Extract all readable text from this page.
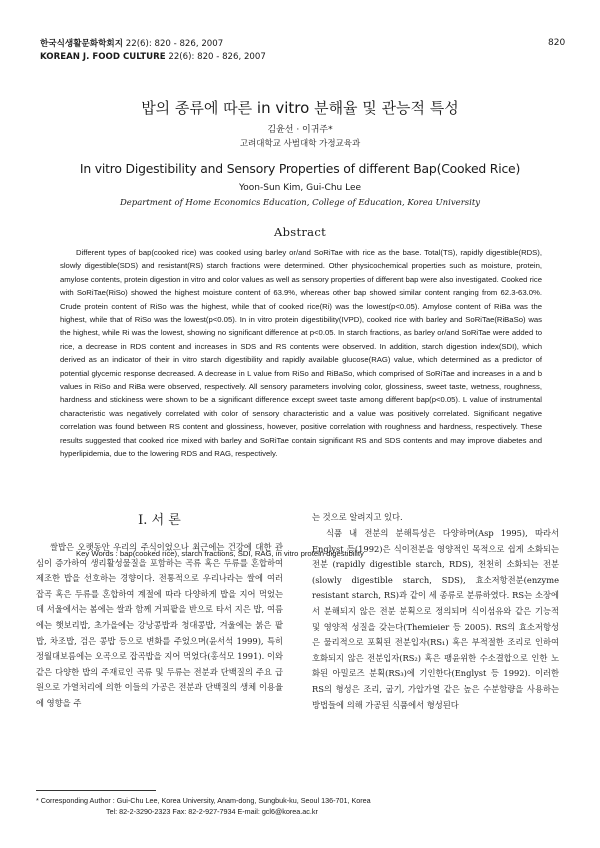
한국식생활문화학회지 22(6): 820 - 826, 2007
KOREAN J. FOOD CULTURE 22(6): 820 - 826, 2007
820
밥의 종류에 따른 in vitro 분해율 및 관능적 특성
김윤선 · 이귀주*
고려대학교 사범대학 가정교육과
In vitro Digestibility and Sensory Properties of different Bap(Cooked Rice)
Yoon-Sun Kim, Gui-Chu Lee
Department of Home Economics Education, College of Education, Korea University
Abstract
Different types of bap(cooked rice) was cooked using barley or/and SoRiTae with rice as the base. Total(TS), rapidly digestible(RDS), slowly digestible(SDS) and resistant(RS) starch fractions were determined. Other physicochemical properties such as moisture, protein, amylose contents, protein digestion in vitro and color values as well as sensory properties of different bap were also investigated. Cooked rice with SoRiTae(RiSo) showed the highest moisture content of 63.9%, whereas other bap showed similar content ranging from 62.3-63.0%. Crude protein content of RiSo was the highest, while that of cooked rice(Ri) was the lowest(p<0.05). Amylose content of RiBa was the highest, while that of RiSo was the lowest(p<0.05). In in vitro protein digestibility(IVPD), cooked rice with barley and SoRiTae(RiBaSo) was the highest, while Ri was the lowest, showing no significant difference at p<0.05. In starch fractions, as barley or/and SoRiTae were added to rice, a decrease in RDS content and increases in SDS and RS contents were observed. In addition, starch digestion index(SDI), which derived as an indicator of their in vitro starch digestibility and rapidly available glucose(RAG) value, which determined as a predictor of potential glycemic response decreased. A decrease in L value from RiSo and RiBaSo, which comprised of SoRiTae and increases in a and b values in RiSo and RiBa were observed, respectively. All sensory parameters involving color, glossiness, sweet taste, wetness, roughness, hardness and stickiness were shown to be a significant difference except sweet taste among different bap(p<0.05). L value of instrumental characteristic was negatively correlated with color of sensory characteristic and a value was positively correlated. Significant negative correlation was found between RS content and glossiness, however, positive correlation with roughness and hardness, respectively. These results suggested that cooked rice mixed with barley and SoRiTae contain significant RS and SDS contents and may improve diabetes and hyperlipidemia, due to the lowering RDS and RAG, respectively.
Key Words : bap(cooked rice), starch fractions, SDI, RAG, in vitro protein digestibility
Ⅰ. 서 론
쌀밥은 오랫동안 우리의 주식이었으나 최근에는 건강에 대한 관심이 증가하여 생리활성물질을 포함하는 곡류 혹은 두류를 혼합하여 제조한 밥을 선호하는 경향이다. 전통적으로 우리나라는 쌀에 여러 잡곡 혹은 두류를 혼합하여 계절에 따라 다양하게 밥을 지어 먹었는데 서울에서는 봄에는 쌀과 함께 거피팥을 반으로 타서 지은 밥, 여름에는 햇보리밥, 초가을에는 강낭콩밥과 청대콩밥, 겨울에는 붉은 팥밥, 차조밥, 검은 콩밥 등으로 변화를 주었으며(윤서석 1999), 특히 정월대보름에는 오곡으로 잡곡밥을 지어 먹었다(홍석모 1991). 이와 같은 다양한 밥의 주재료인 곡류 및 두류는 전분과 단백질의 주요 급원으로 가열처리에 의한 이들의 가공은 전분과 단백질의 생체 이용율에 영향을 주
는 것으로 알려지고 있다.
식품 내 전분의 분해특성은 다양하며(Asp 1995), 따라서 Englyst 등(1992)은 식이전분을 영양적인 목적으로 쉽게 소화되는 전분 (rapidly digestible starch, RDS), 천천히 소화되는 전분 (slowly digestible starch, SDS), 효소저항전분(enzyme resistant starch, RS)과 같이 세 종류로 분류하였다. RS는 소장에서 분해되지 않은 전분 분획으로 정의되며 식이섬유와 같은 기능적 및 영양적 성질을 갖는다(Themieier 등 2005). RS의 효소저항성은 물리적으로 포획된 전분입자(RS₁) 혹은 부적절한 조리로 인하여 호화되지 않은 전분입자(RS₂) 혹은 팽윤위한 수소결합으로 인한 노화된 아밀로즈 분획(RS₃)에 기인한다(Englyst 등 1992). 이러한 RS의 형성은 조리, 굽기, 가압가열 같은 높은 수분함량을 사용하는 방법들에 의해 가공된 식품에서 형성된다
* Corresponding Author : Gui-Chu Lee, Korea University, Anam-dong, Sungbuk-ku, Seoul 136-701, Korea
Tel: 82-2-3290-2323 Fax: 82-2-927-7934 E-mail: gcl6@korea.ac.kr
